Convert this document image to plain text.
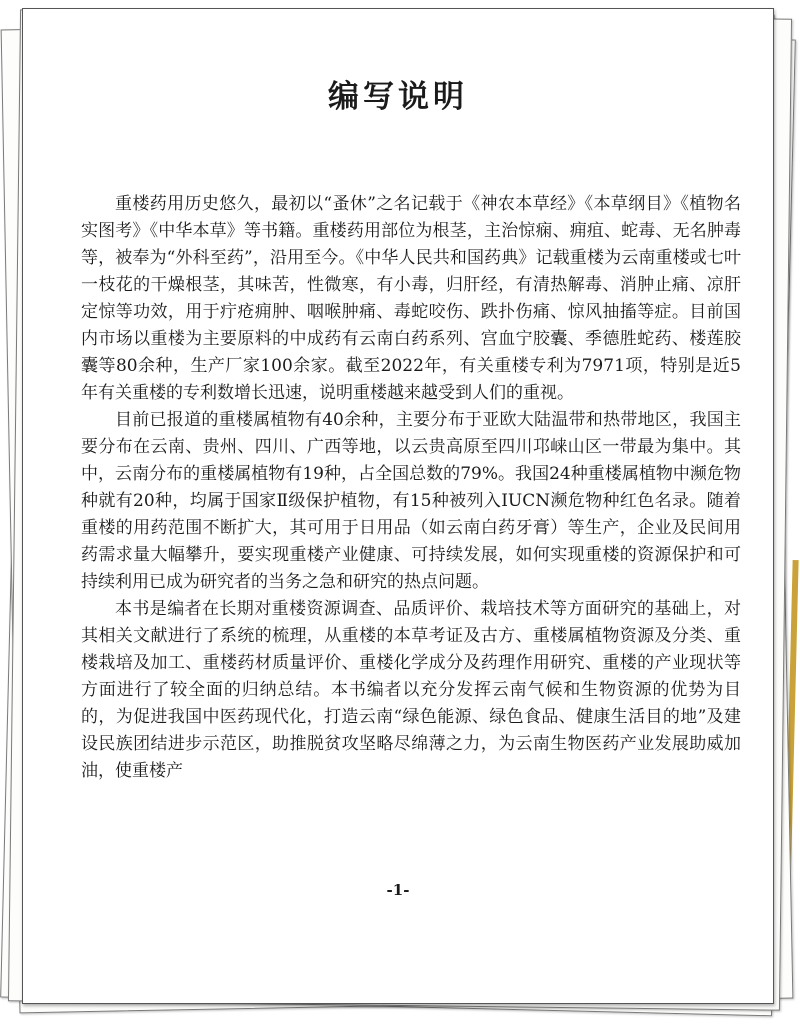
编写说明

重楼药用历史悠久，最初以“蚤休”之名记载于《神农本草经》《本草纲目》《植物名实图考》《中华本草》等书籍。重楼药用部位为根茎，主治惊痫、痈疽、蛇毒、无名肿毒等，被奉为“外科至药”，沿用至今。《中华人民共和国药典》记载重楼为云南重楼或七叶一枝花的干燥根茎，其味苦，性微寒，有小毒，归肝经，有清热解毒、消肿止痛、凉肝定惊等功效，用于疔疮痈肿、咽喉肿痛、毒蛇咬伤、跌扑伤痛、惊风抽搐等症。目前国内市场以重楼为主要原料的中成药有云南白药系列、宫血宁胶囊、季德胜蛇药、楼莲胶囊等80余种，生产厂家100余家。截至2022年，有关重楼专利为7971项，特别是近5年有关重楼的专利数增长迅速，说明重楼越来越受到人们的重视。

目前已报道的重楼属植物有40余种，主要分布于亚欧大陆温带和热带地区，我国主要分布在云南、贵州、四川、广西等地，以云贵高原至四川邛崃山区一带最为集中。其中，云南分布的重楼属植物有19种，占全国总数的79%。我国24种重楼属植物中濒危物种就有20种，均属于国家Ⅱ级保护植物，有15种被列入IUCN濒危物种红色名录。随着重楼的用药范围不断扩大，其可用于日用品（如云南白药牙膏）等生产，企业及民间用药需求量大幅攀升，要实现重楼产业健康、可持续发展，如何实现重楼的资源保护和可持续利用已成为研究者的当务之急和研究的热点问题。

本书是编者在长期对重楼资源调查、品质评价、栽培技术等方面研究的基础上，对其相关文献进行了系统的梳理，从重楼的本草考证及古方、重楼属植物资源及分类、重楼栽培及加工、重楼药材质量评价、重楼化学成分及药理作用研究、重楼的产业现状等方面进行了较全面的归纳总结。本书编者以充分发挥云南气候和生物资源的优势为目的，为促进我国中医药现代化，打造云南“绿色能源、绿色食品、健康生活目的地”及建设民族团结进步示范区，助推脱贫攻坚略尽绵薄之力，为云南生物医药产业发展助威加油，使重楼产

-1-
